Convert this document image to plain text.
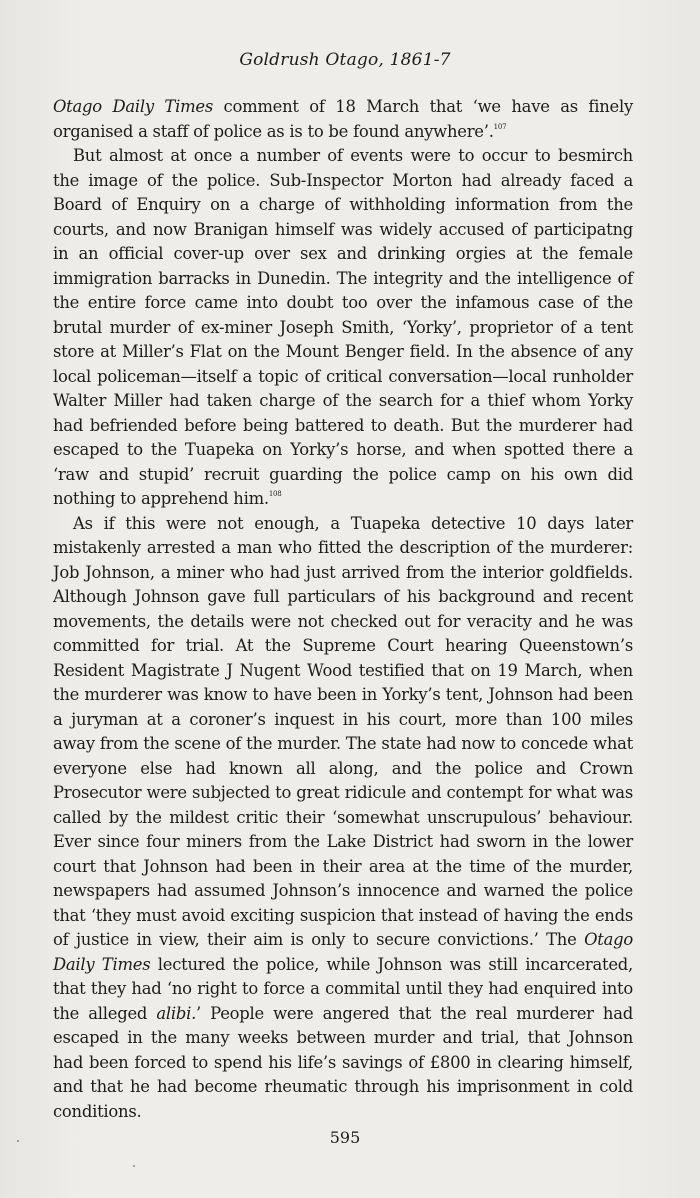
Goldrush Otago, 1861-7

Otago Daily Times comment of 18 March that ‘we have as finely organised a staff of police as is to be found anywhere’.$^{107}$

But almost at once a number of events were to occur to besmirch the image of the police. Sub-Inspector Morton had already faced a Board of Enquiry on a charge of withholding information from the courts, and now Branigan himself was widely accused of participatng in an official cover-up over sex and drinking orgies at the female immigration barracks in Dunedin. The integrity and the intelligence of the entire force came into doubt too over the infamous case of the brutal murder of ex-miner Joseph Smith, ‘Yorky’, proprietor of a tent store at Miller’s Flat on the Mount Benger field. In the absence of any local policeman—itself a topic of critical conversation—local runholder Walter Miller had taken charge of the search for a thief whom Yorky had befriended before being battered to death. But the murderer had escaped to the Tuapeka on Yorky’s horse, and when spotted there a ‘raw and stupid’ recruit guarding the police camp on his own did nothing to apprehend him.$^{108}$

As if this were not enough, a Tuapeka detective 10 days later mistakenly arrested a man who fitted the description of the murderer: Job Johnson, a miner who had just arrived from the interior goldfields. Although Johnson gave full particulars of his background and recent movements, the details were not checked out for veracity and he was committed for trial. At the Supreme Court hearing Queenstown’s Resident Magistrate J Nugent Wood testified that on 19 March, when the murderer was know to have been in Yorky’s tent, Johnson had been a juryman at a coroner’s inquest in his court, more than 100 miles away from the scene of the murder. The state had now to concede what everyone else had known all along, and the police and Crown Prosecutor were subjected to great ridicule and contempt for what was called by the mildest critic their ‘somewhat unscrupulous’ behaviour. Ever since four miners from the Lake District had sworn in the lower court that Johnson had been in their area at the time of the murder, newspapers had assumed Johnson’s innocence and warned the police that ‘they must avoid exciting suspicion that instead of having the ends of justice in view, their aim is only to secure convictions.’ The Otago Daily Times lectured the police, while Johnson was still incarcerated, that they had ‘no right to force a commital until they had enquired into the alleged alibi.’ People were angered that the real murderer had escaped in the many weeks between murder and trial, that Johnson had been forced to spend his life’s savings of £800 in clearing himself, and that he had become rheumatic through his imprisonment in cold conditions.

595
